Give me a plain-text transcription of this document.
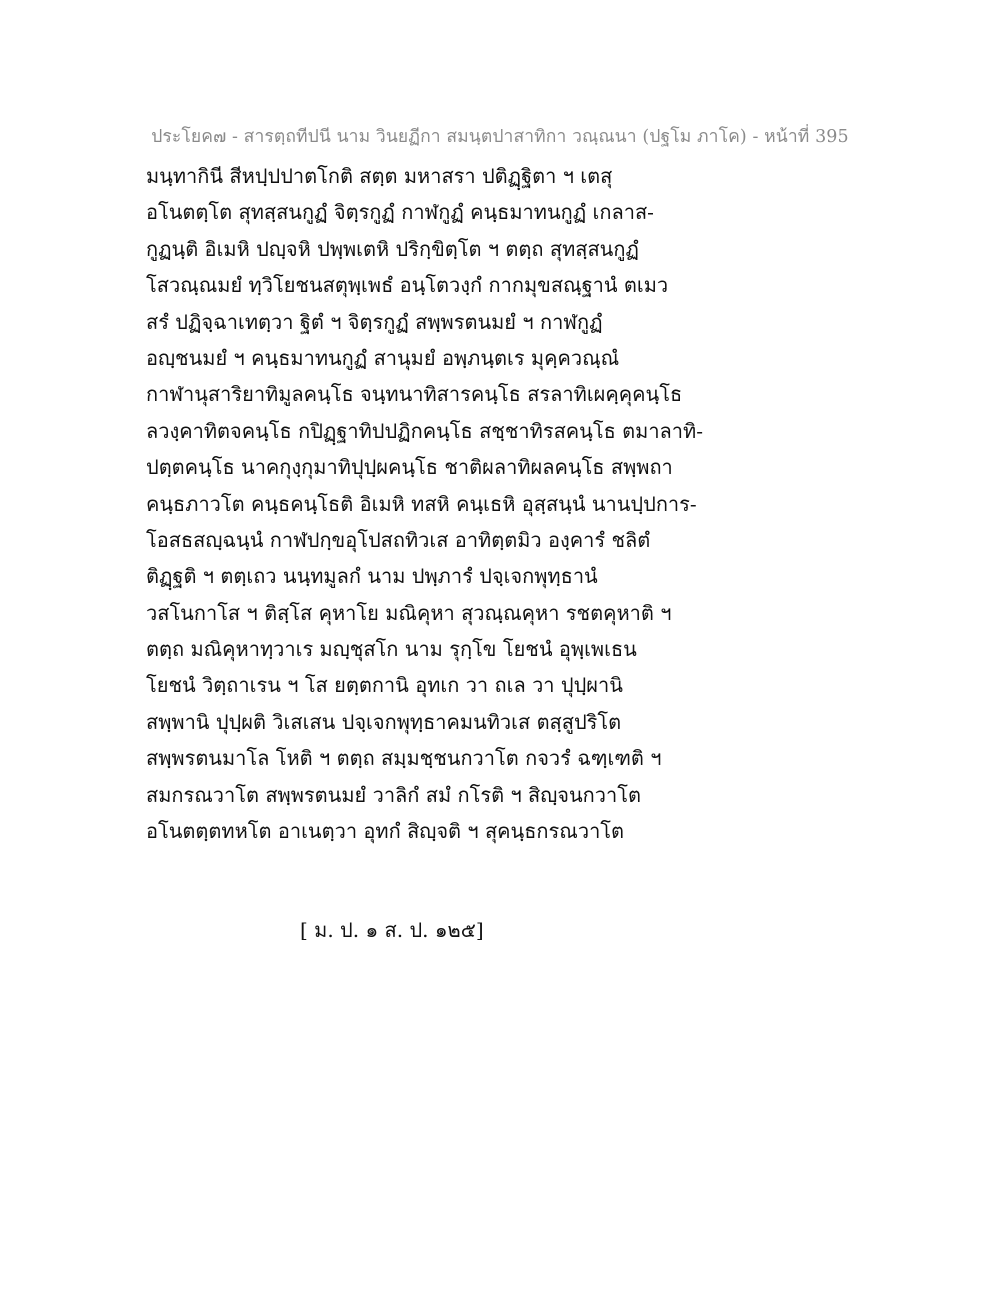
ประโยค๗ - สารตฺถทีปนี นาม วินยฏีกา สมนฺตปาสาทิกา วณฺณนา (ปฐโม ภาโค) - หน้าที่ 395
มนฺทากินี สีหปฺปปาตโกติ สตฺต มหาสรา ปติฏฺฐิตา ฯ เตสุ
อโนตตฺโต สุทสฺสนกูฏํ จิตฺรกูฏํ กาฬกูฏํ คนฺธมาทนกูฏํ เกลาส-
กูฏนฺติ อิเมหิ ปญฺจหิ ปพฺพเตหิ ปริกฺขิตฺโต ฯ ตตฺถ สุทสฺสนกูฏํ
โสวณฺณมยํ ทฺวิโยชนสตุพฺเพธํ อนฺโตวงฺกํ กากมุขสณฺฐานํ ตเมว
สรํ ปฏิจฺฉาเทตฺวา ฐิตํ ฯ จิตฺรกูฏํ สพฺพรตนมยํ ฯ กาฬกูฏํ
อญฺชนมยํ ฯ คนฺธมาทนกูฏํ สานุมยํ อพฺภนฺตเร มุคฺควณฺณํ
กาฬานุสาริยาทิมูลคนฺโธ จนฺทนาทิสารคนฺโธ สรลาทิเผคฺคุคนฺโธ
ลวงฺคาทิตจคนฺโธ กปิฏฺฐาทิปปฏิกคนฺโธ สชฺชาทิรสคนฺโธ ตมาลาทิ-
ปตฺตคนฺโธ นาคกุงฺกุมาทิปุปฺผคนฺโธ ชาติผลาทิผลคนฺโธ สพฺพถา
คนฺธภาวโต คนฺธคนฺโธติ อิเมหิ ทสหิ คนฺเธหิ อุสฺสนฺนํ นานปฺปการ-
โอสธสญฺฉนฺนํ กาฬปกฺขอุโปสถทิวเส อาทิตฺตมิว องฺคารํ ชลิตํ
ติฏฺฐติ ฯ ตตฺเถว นนฺทมูลกํ นาม ปพฺภารํ ปจฺเจกพุทฺธานํ
วสโนกาโส ฯ ติสฺโส คุหาโย มณิคุหา สุวณฺณคุหา รชตคุหาติ ฯ
ตตฺถ มณิคุหาทฺวาเร มญฺชุสโก นาม รุกฺโข โยชนํ อุพฺเพเธน
โยชนํ วิตฺถาเรน ฯ โส ยตฺตกานิ อุทเก วา ถเล วา ปุปฺผานิ
สพฺพานิ ปุปฺผติ วิเสเสน ปจฺเจกพุทฺธาคมนทิวเส ตสฺสูปริโต
สพฺพรตนมาโล โหติ ฯ ตตฺถ สมฺมชฺชนกวาโต กจวรํ ฉฑฺเฑติ ฯ
สมกรณวาโต สพฺพรตนมยํ วาลิกํ สมํ กโรติ ฯ สิญฺจนกวาโต
อโนตตฺตทหโต อาเนตฺวา อุทกํ สิญฺจติ ฯ สุคนฺธกรณวาโต
[ ม. ป. ๑ ส. ป. ๑๒๕]
